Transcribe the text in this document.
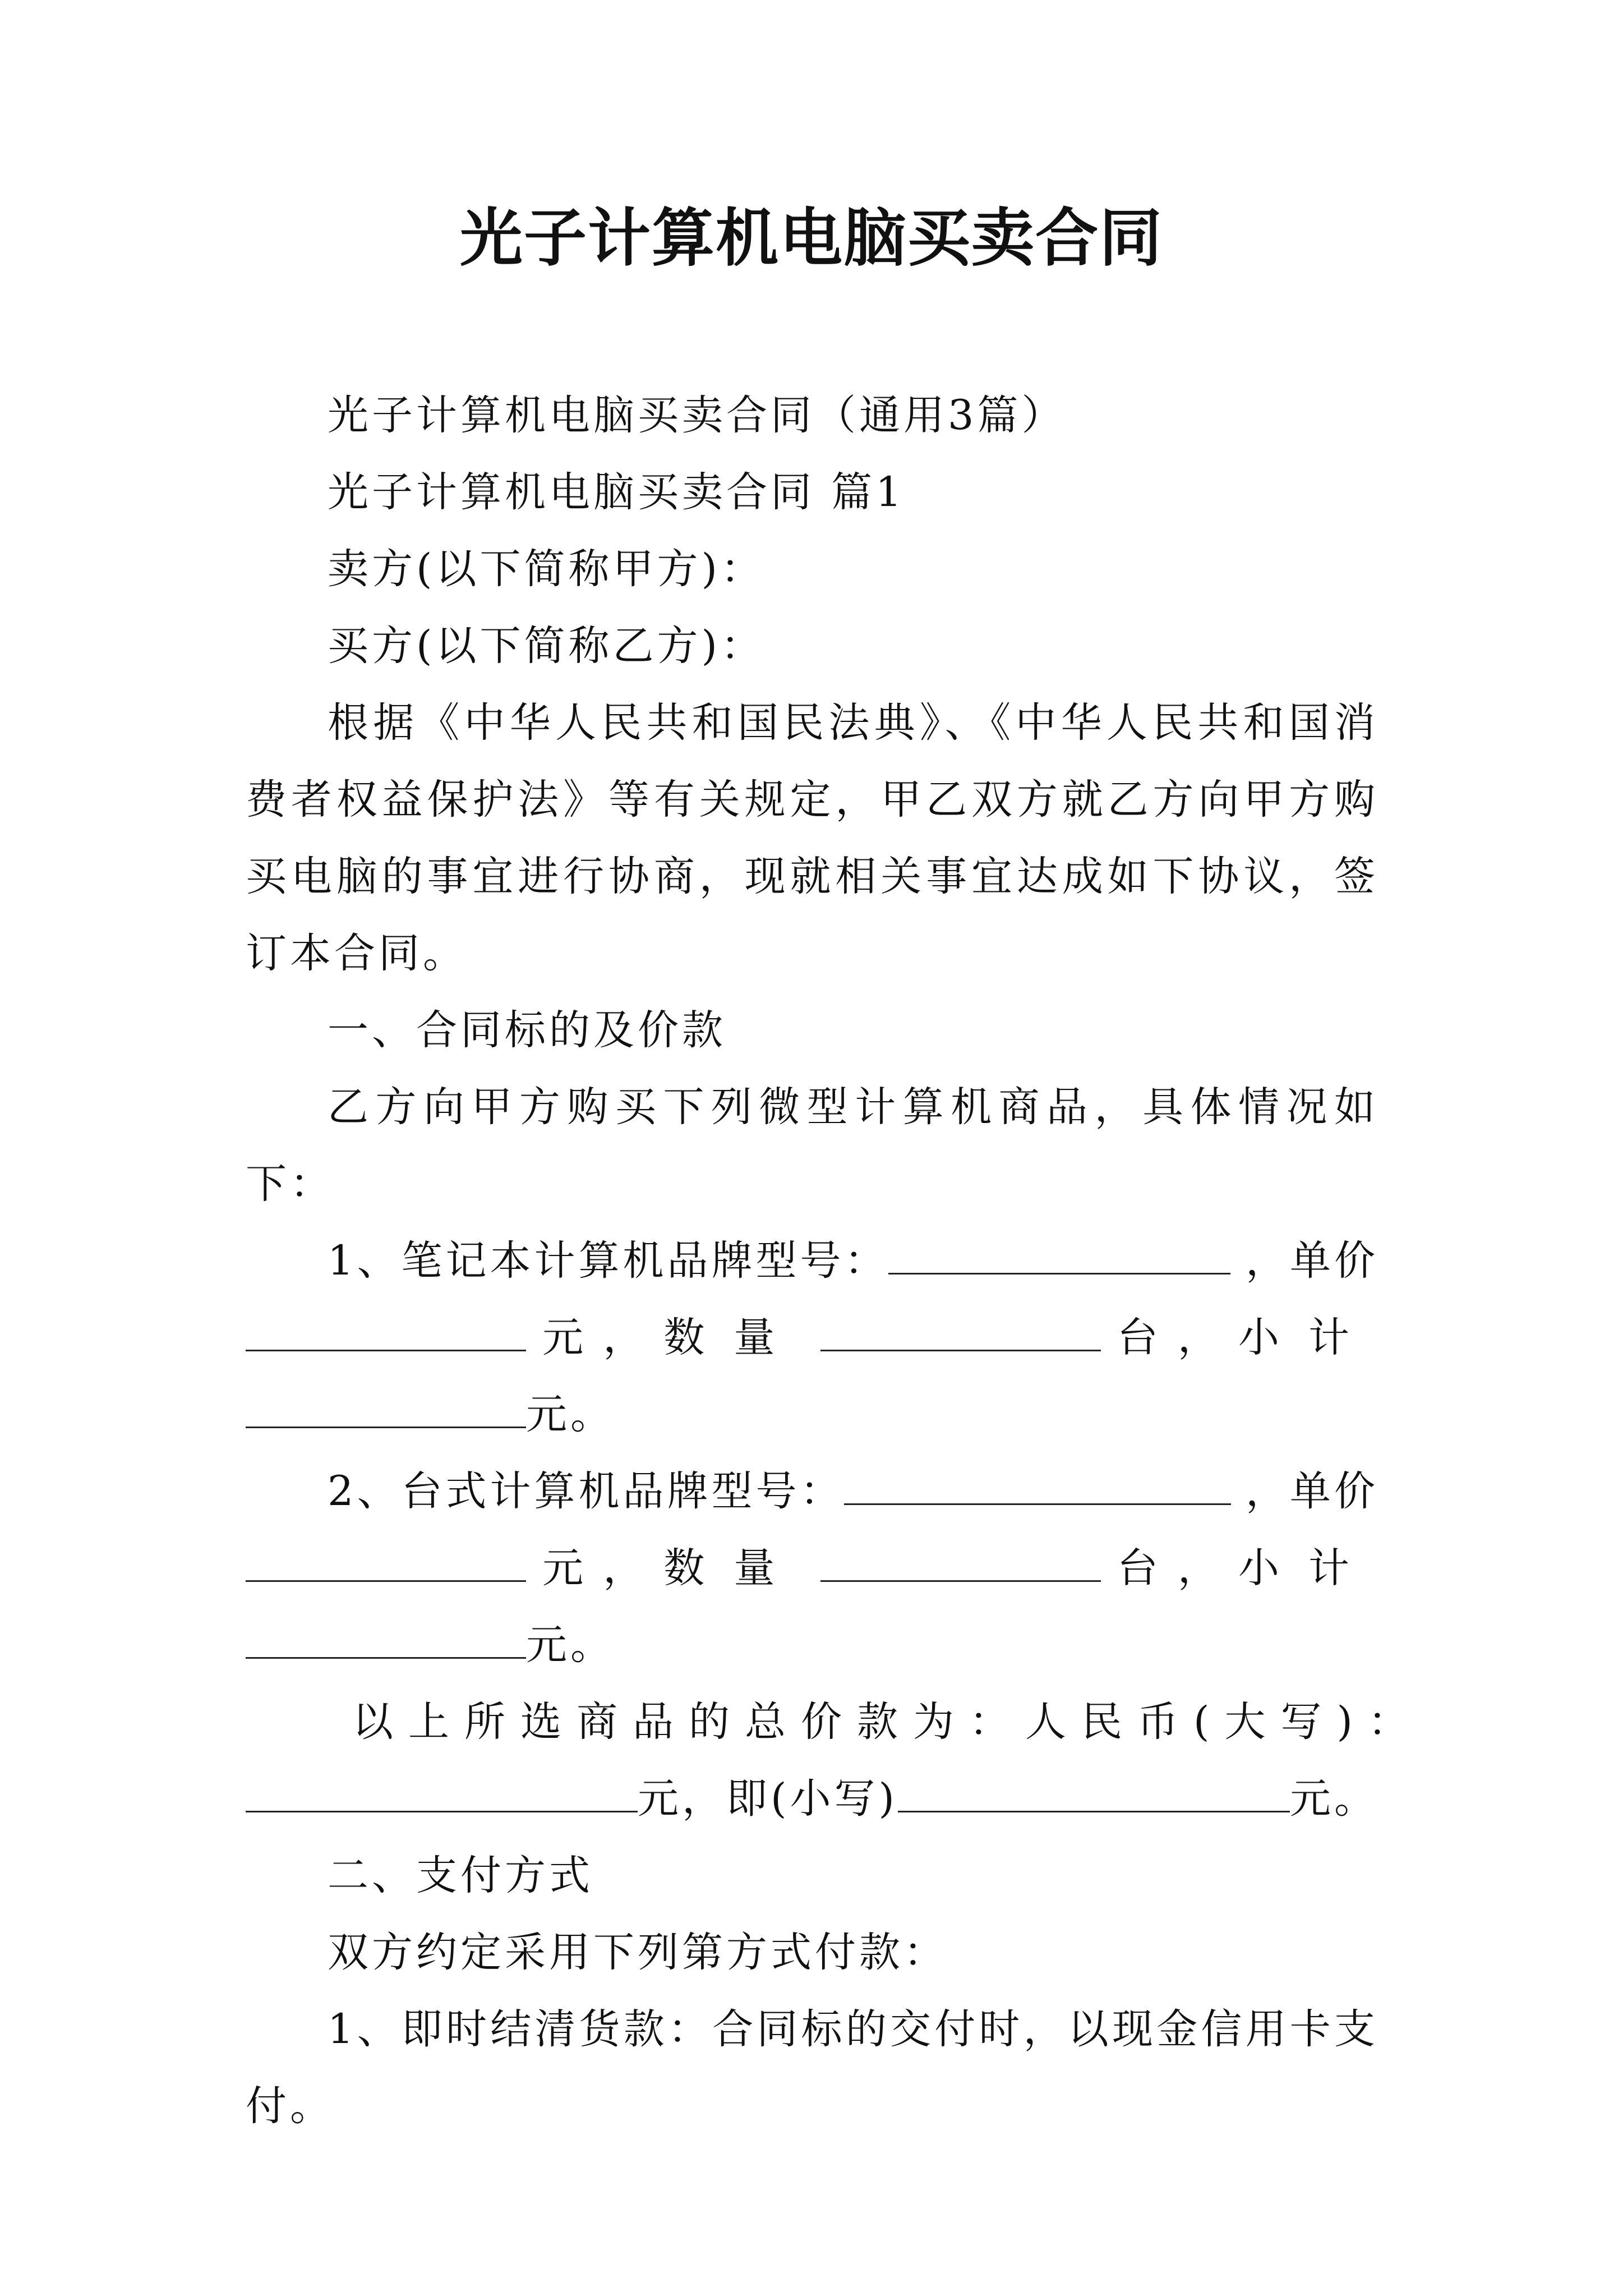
光子计算机电脑买卖合同

光子计算机电脑买卖合同（通用3篇）

光子计算机电脑买卖合同 篇1

卖方(以下简称甲方)：

买方(以下简称乙方)：

根据《中华人民共和国民法典》、《中华人民共和国消费者权益保护法》等有关规定，甲乙双方就乙方向甲方购买电脑的事宜进行协商，现就相关事宜达成如下协议，签订本合同。

一、合同标的及价款

乙方向甲方购买下列微型计算机商品，具体情况如下：

1、笔记本计算机品牌型号：	，单价
元 ， 数量	台 ， 小计
元。
2、台式计算机品牌型号：	，单价
元 ， 数量	台 ， 小计
元。
以上所选商品的总价款为：人民币(大写)：
元，即(小写)	元。

二、支付方式

双方约定采用下列第方式付款：

1、即时结清货款：合同标的交付时，以现金信用卡支付。
